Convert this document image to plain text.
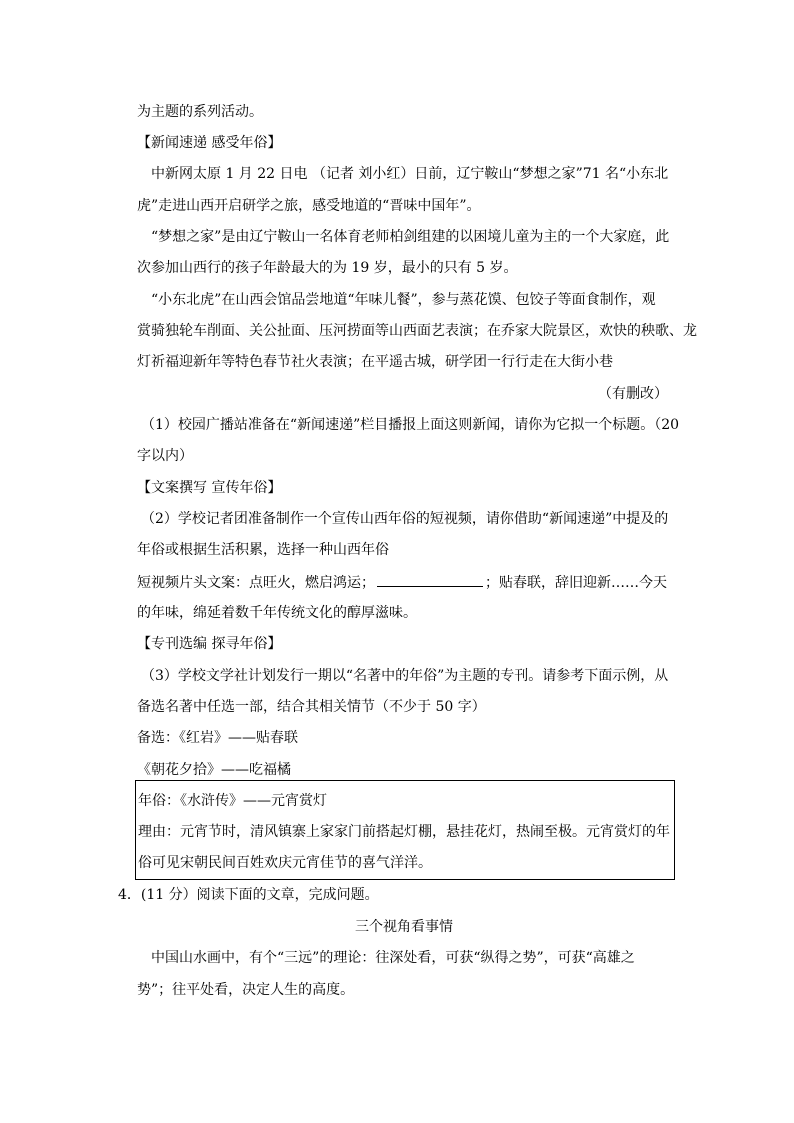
为主题的系列活动。
【新闻速递 感受年俗】
中新网太原 1 月 22 日电 （记者 刘小红）日前，辽宁鞍山“梦想之家”71 名“小东北
虎”走进山西开启研学之旅，感受地道的“晋味中国年”。
“梦想之家”是由辽宁鞍山一名体育老师柏剑组建的以困境儿童为主的一个大家庭，此
次参加山西行的孩子年龄最大的为 19 岁，最小的只有 5 岁。
“小东北虎”在山西会馆品尝地道“年味儿餐”，参与蒸花馍、包饺子等面食制作，观
赏骑独轮车削面、关公扯面、压河捞面等山西面艺表演；在乔家大院景区，欢快的秧歌、龙
灯祈福迎新年等特色春节社火表演；在平遥古城，研学团一行行走在大街小巷
（有删改）
（1）校园广播站准备在“新闻速递”栏目播报上面这则新闻，请你为它拟一个标题。（20
字以内）
【文案撰写 宣传年俗】
（2）学校记者团准备制作一个宣传山西年俗的短视频，请你借助“新闻速递”中提及的
年俗或根据生活积累，选择一种山西年俗
短视频片头文案：点旺火，燃启鸿运；	；贴春联，辞旧迎新……今天
的年味，绵延着数千年传统文化的醇厚滋味。
【专刊选编 探寻年俗】
（3）学校文学社计划发行一期以“名著中的年俗”为主题的专刊。请参考下面示例，从
备选名著中任选一部，结合其相关情节（不少于 50 字）
备选：《红岩》——贴春联
《朝花夕拾》——吃福橘
年俗：《水浒传》——元宵赏灯
理由：元宵节时，清风镇寨上家家门前搭起灯棚，悬挂花灯，热闹至极。元宵赏灯的年
俗可见宋朝民间百姓欢庆元宵佳节的喜气洋洋。
4．(11 分）阅读下面的文章，完成问题。
三个视角看事情
中国山水画中，有个“三远”的理论：往深处看，可获“纵得之势”，可获“高雄之
势”；往平处看，决定人生的高度。
